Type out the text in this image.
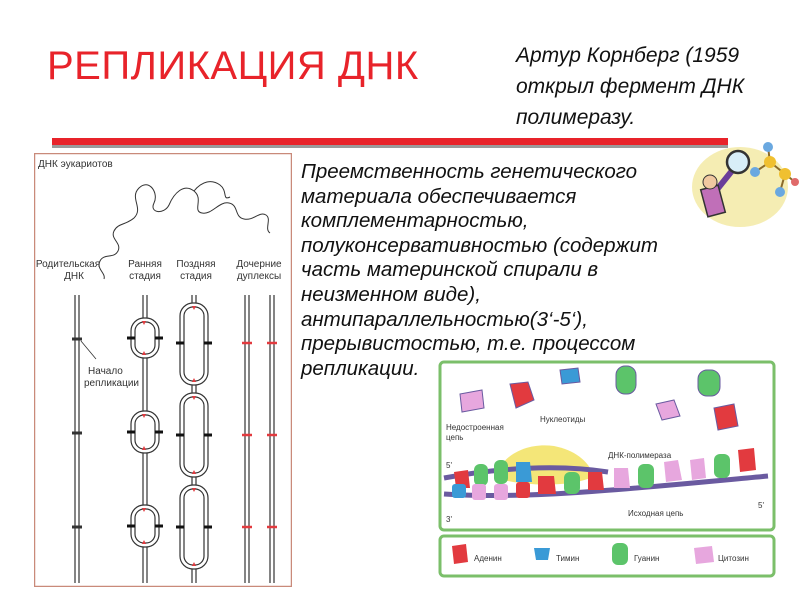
РЕПЛИКАЦИЯ ДНК	Артур Корнберг (1959
открыл фермент ДНК
полимеразу.
ДНК эукариотов
Родительская
ДНК
Ранняя
стадия
Поздняя
стадия
Дочерние
дуплексы
Начало
репликации
Преемственность генетического
материала обеспечивается
комплементарностью,
полуконсервативностью (содержит
часть материнской спирали в
неизменном виде),
антипараллельностью(3‘-5‘),
прерывистостью, т.е. процессом
репликации.
Недостроенная
цепь
Нуклеотиды
ДНК-полимераза
5'
3'
5'
Исходная цепь
Аденин	Тимин	Гуанин	Цитозин
